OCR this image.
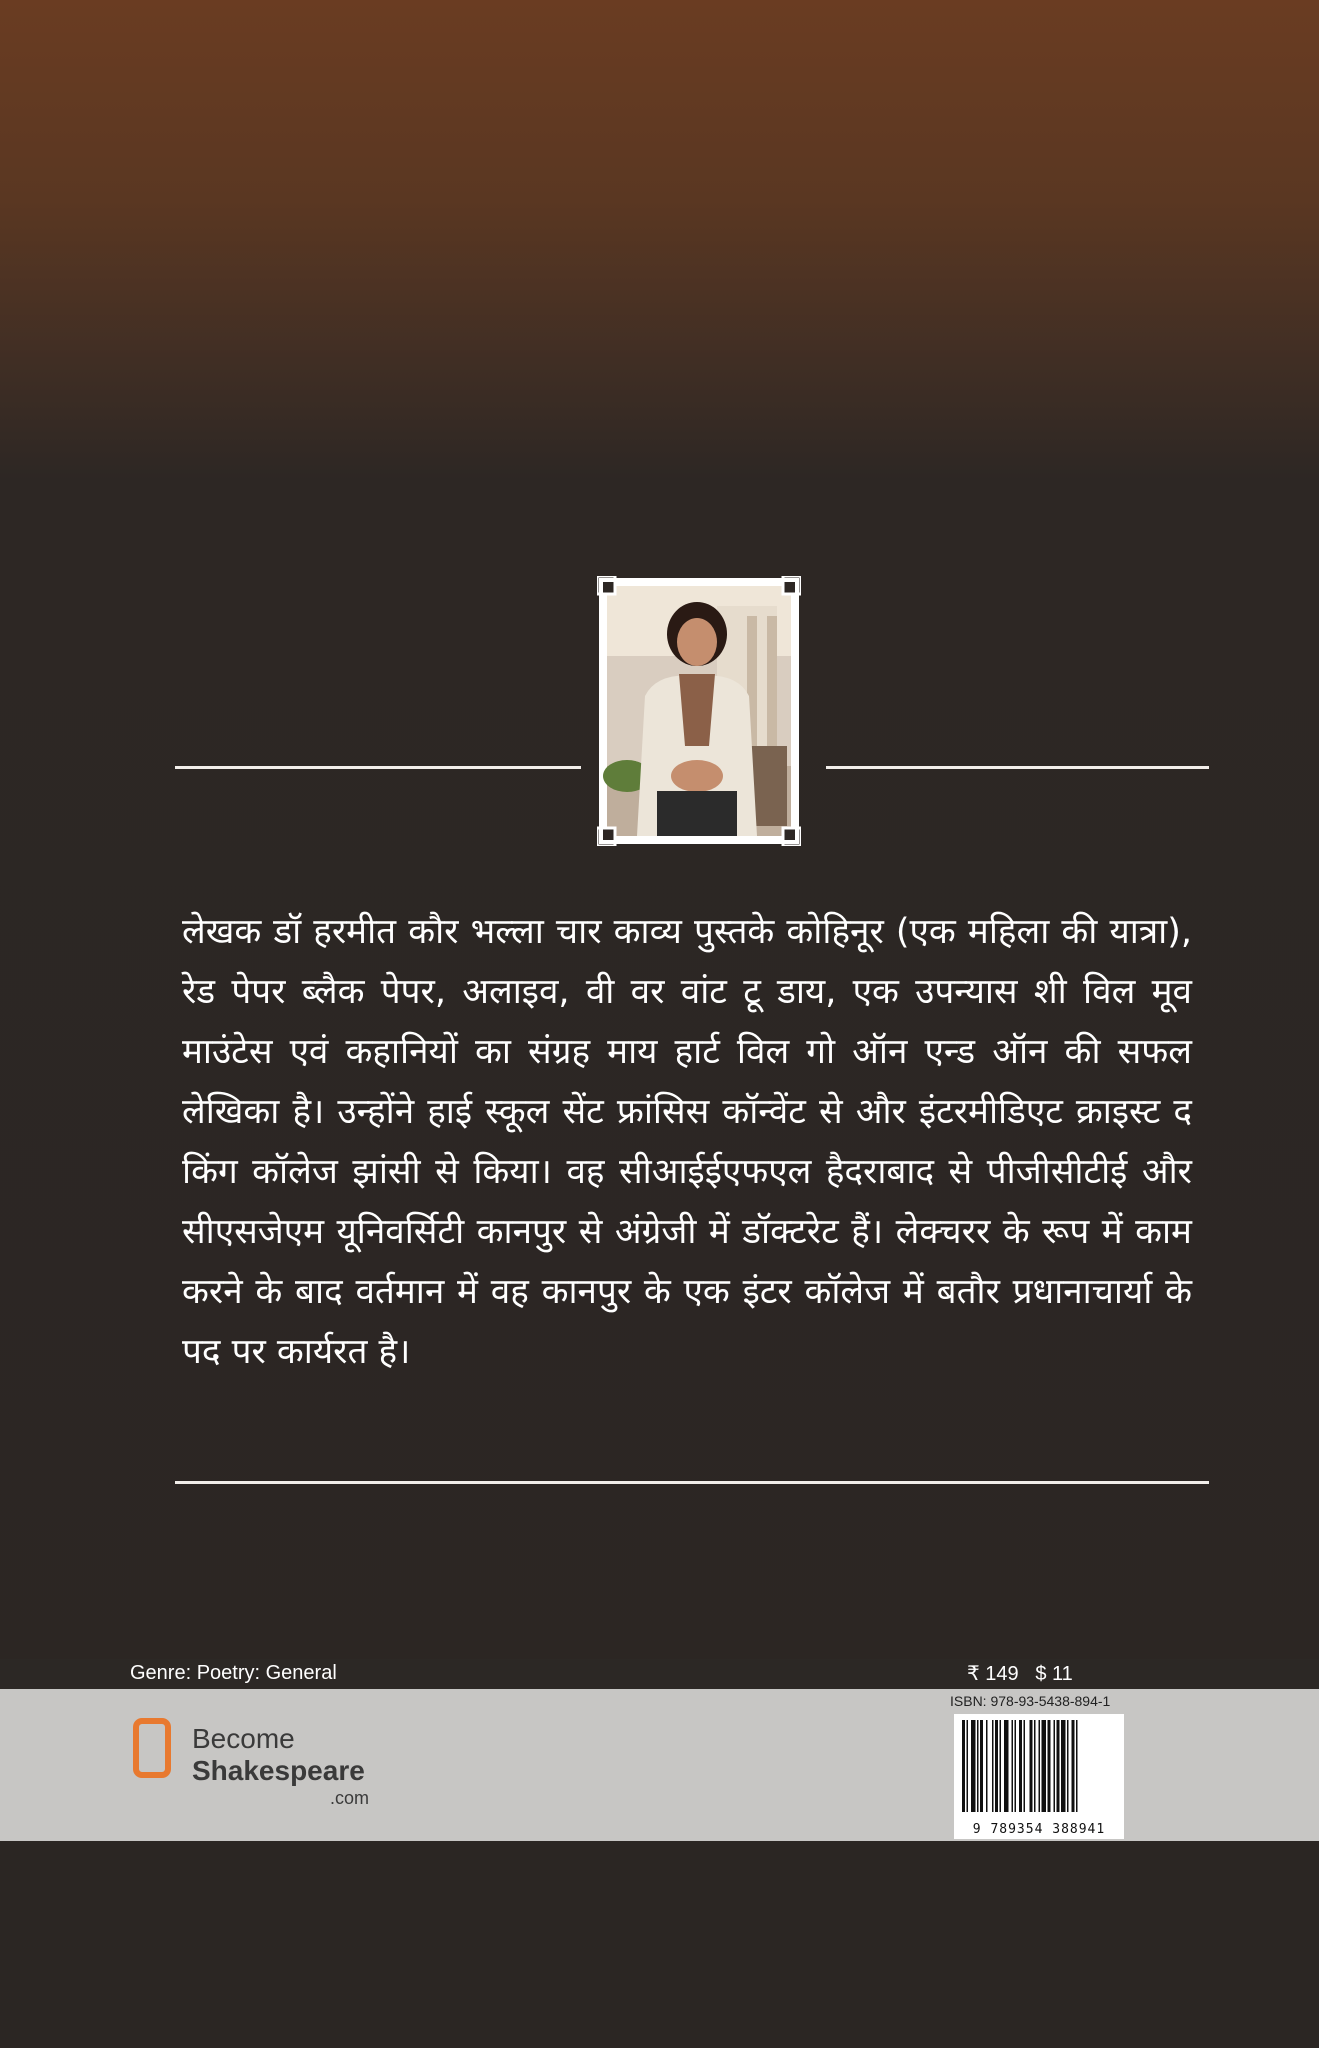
लेखक डॉ हरमीत कौर भल्ला चार काव्य पुस्तके कोहिनूर (एक महिला की यात्रा), रेड पेपर ब्लैक पेपर, अलाइव, वी वर वांट टू डाय, एक उपन्यास शी विल मूव माउंटेस एवं कहानियों का संग्रह माय हार्ट विल गो ऑन एन्ड ऑन की सफल लेखिका है। उन्होंने हाई स्कूल सेंट फ्रांसिस कॉन्वेंट से और इंटरमीडिएट क्राइस्ट द किंग कॉलेज झांसी से किया। वह सीआईईएफएल हैदराबाद से पीजीसीटीई और सीएसजेएम यूनिवर्सिटी कानपुर से अंग्रेजी में डॉक्टरेट हैं। लेक्चरर के रूप में काम करने के बाद वर्तमान में वह कानपुर के एक इंटर कॉलेज में बतौर प्रधानाचार्या के पद पर कार्यरत है।

Genre: Poetry: General	₹ 149   $ 11
Become
Shakespeare
.com
ISBN: 978-93-5438-894-1
9 789354 388941
